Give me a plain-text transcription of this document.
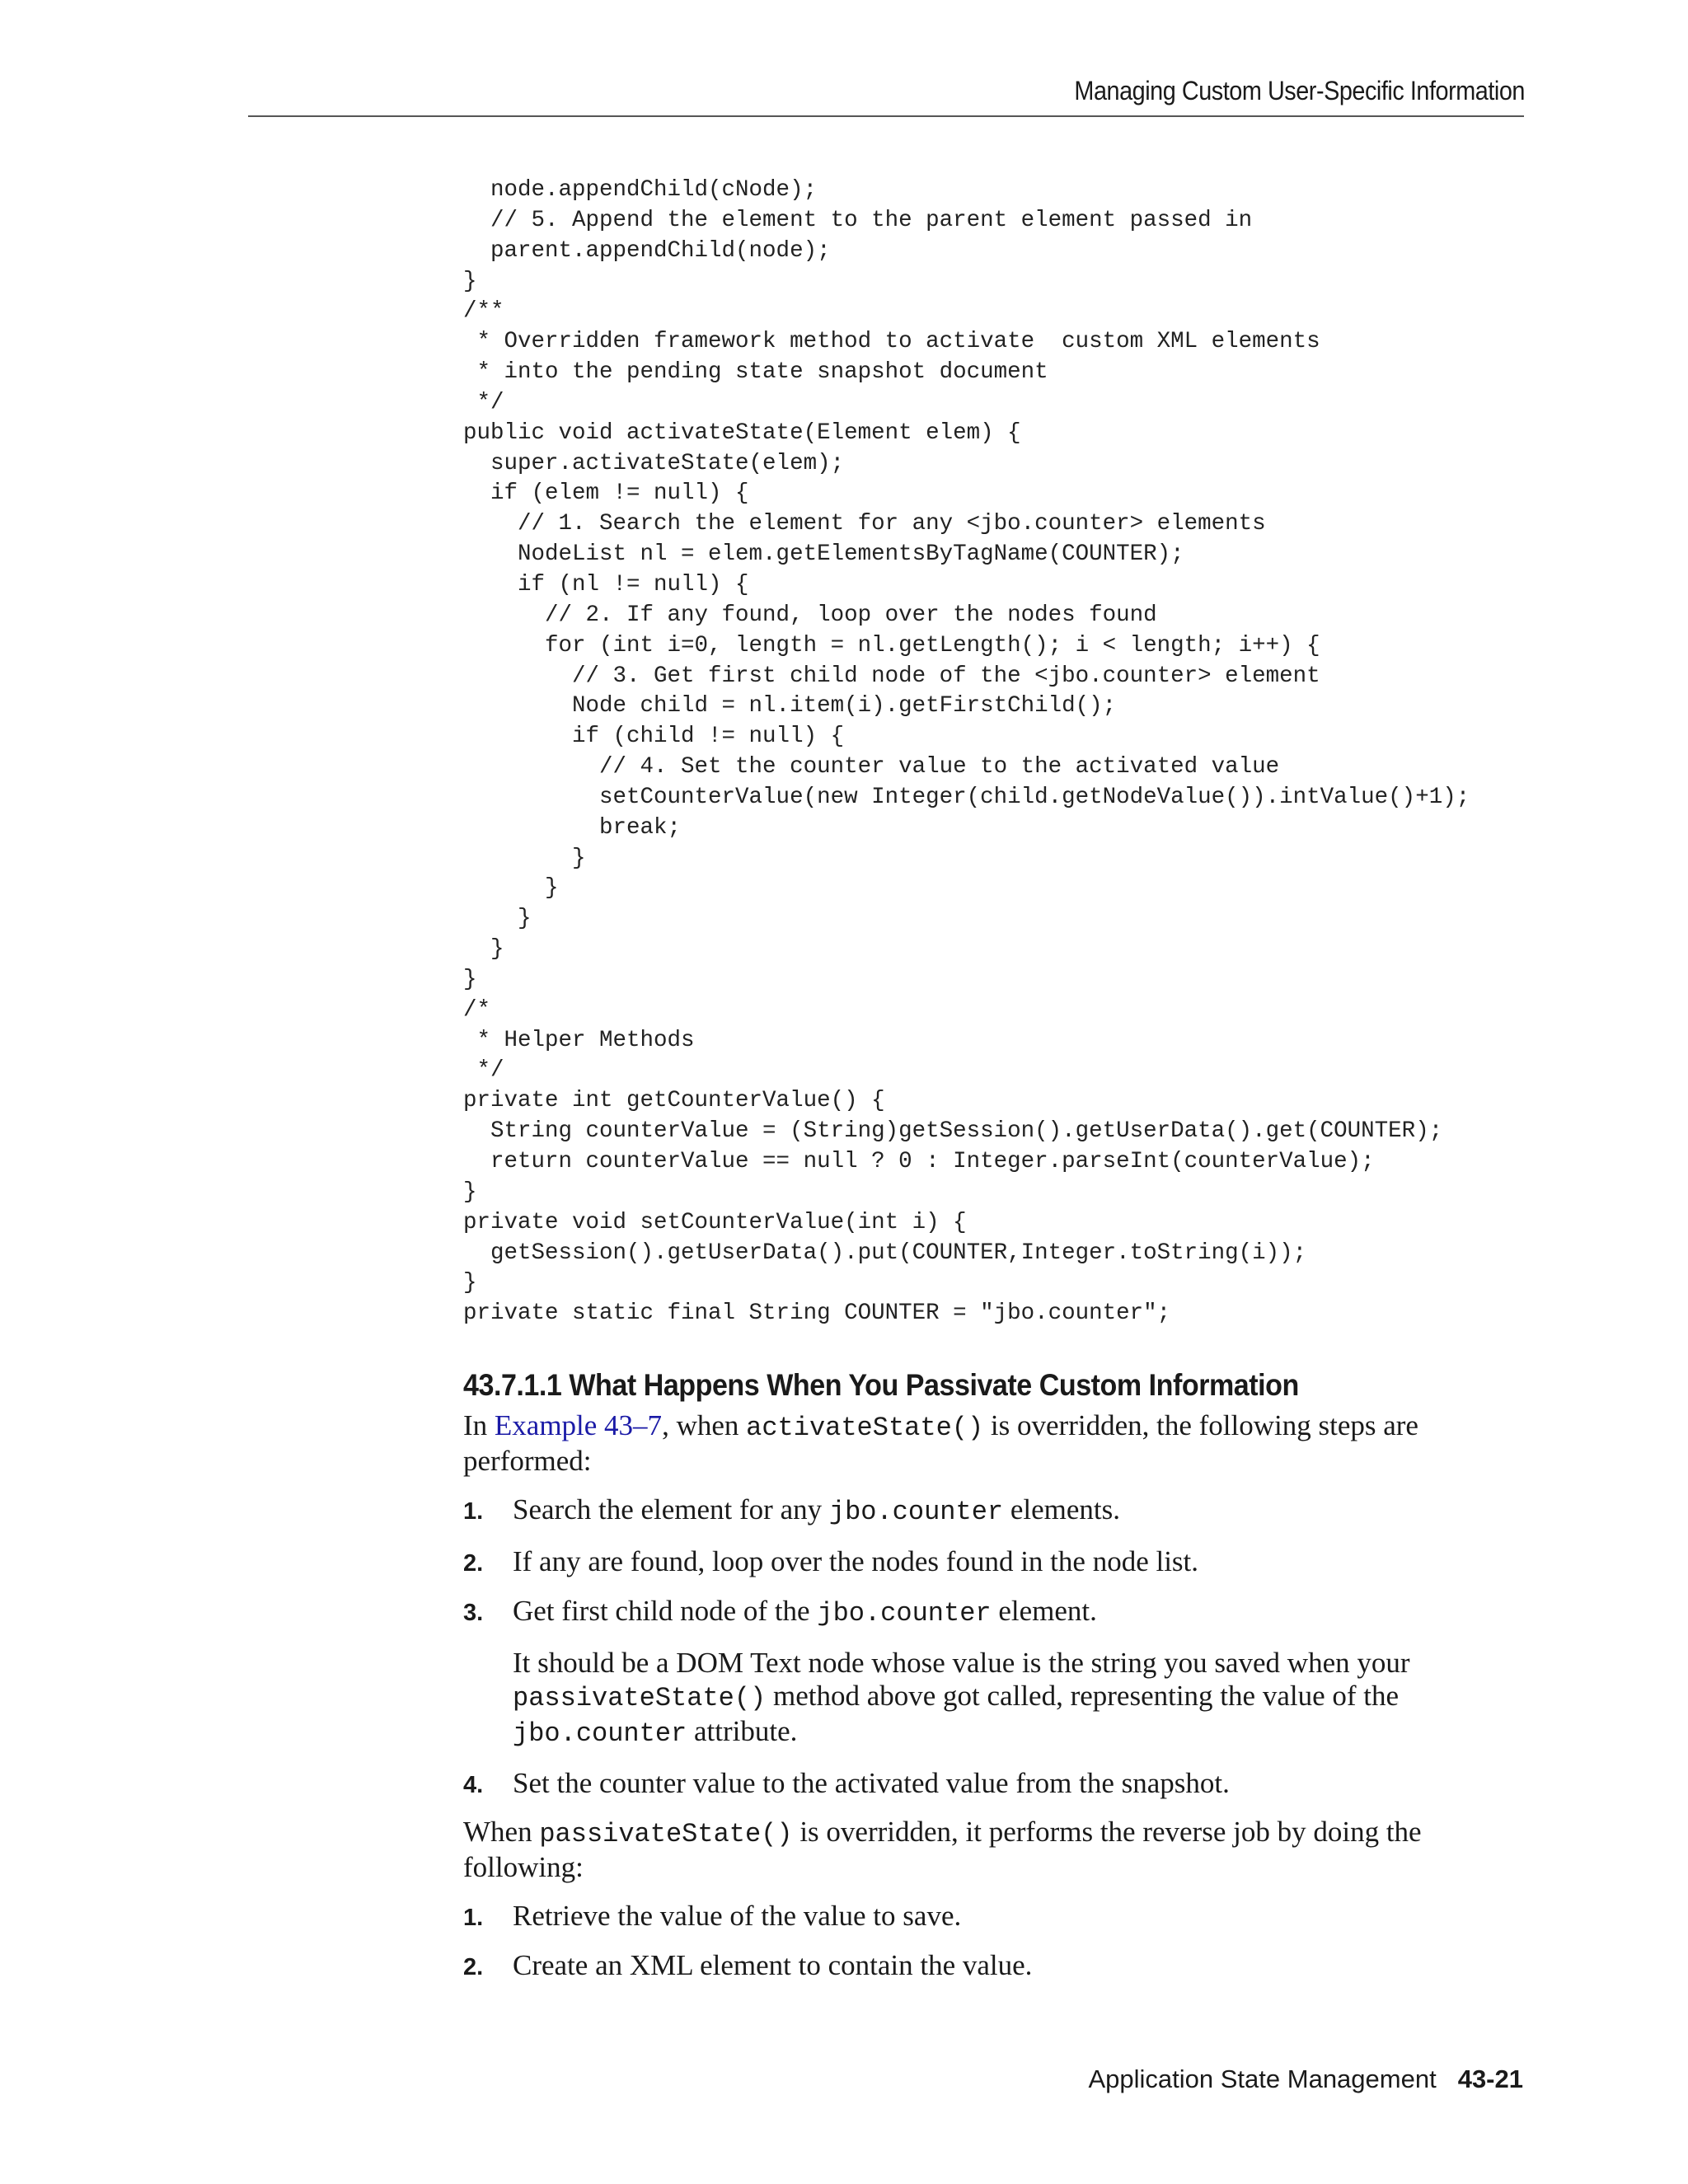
Managing Custom User-Specific Information
node.appendChild(cNode);
// 5. Append the element to the parent element passed in
parent.appendChild(node);
}
/**
* Overridden framework method to activate  custom XML elements
* into the pending state snapshot document
*/
public void activateState(Element elem) {
super.activateState(elem);
if (elem != null) {
// 1. Search the element for any <jbo.counter> elements
NodeList nl = elem.getElementsByTagName(COUNTER);
if (nl != null) {
// 2. If any found, loop over the nodes found
for (int i=0, length = nl.getLength(); i < length; i++) {
// 3. Get first child node of the <jbo.counter> element
Node child = nl.item(i).getFirstChild();
if (child != null) {
// 4. Set the counter value to the activated value
setCounterValue(new Integer(child.getNodeValue()).intValue()+1);
break;
}
}
}
}
}
/*
* Helper Methods
*/
private int getCounterValue() {
String counterValue = (String)getSession().getUserData().get(COUNTER);
return counterValue == null ? 0 : Integer.parseInt(counterValue);
}
private void setCounterValue(int i) {
getSession().getUserData().put(COUNTER,Integer.toString(i));
}
private static final String COUNTER = "jbo.counter";
43.7.1.1 What Happens When You Passivate Custom Information

In Example 43–7, when activateState() is overridden, the following steps are performed:

1. Search the element for any jbo.counter elements.
2. If any are found, loop over the nodes found in the node list.
3. Get first child node of the jbo.counter element.

It should be a DOM Text node whose value is the string you saved when your passivateState() method above got called, representing the value of the jbo.counter attribute.

4. Set the counter value to the activated value from the snapshot.

When passivateState() is overridden, it performs the reverse job by doing the following:

1. Retrieve the value of the value to save.
2. Create an XML element to contain the value.
Application State Management 43-21
